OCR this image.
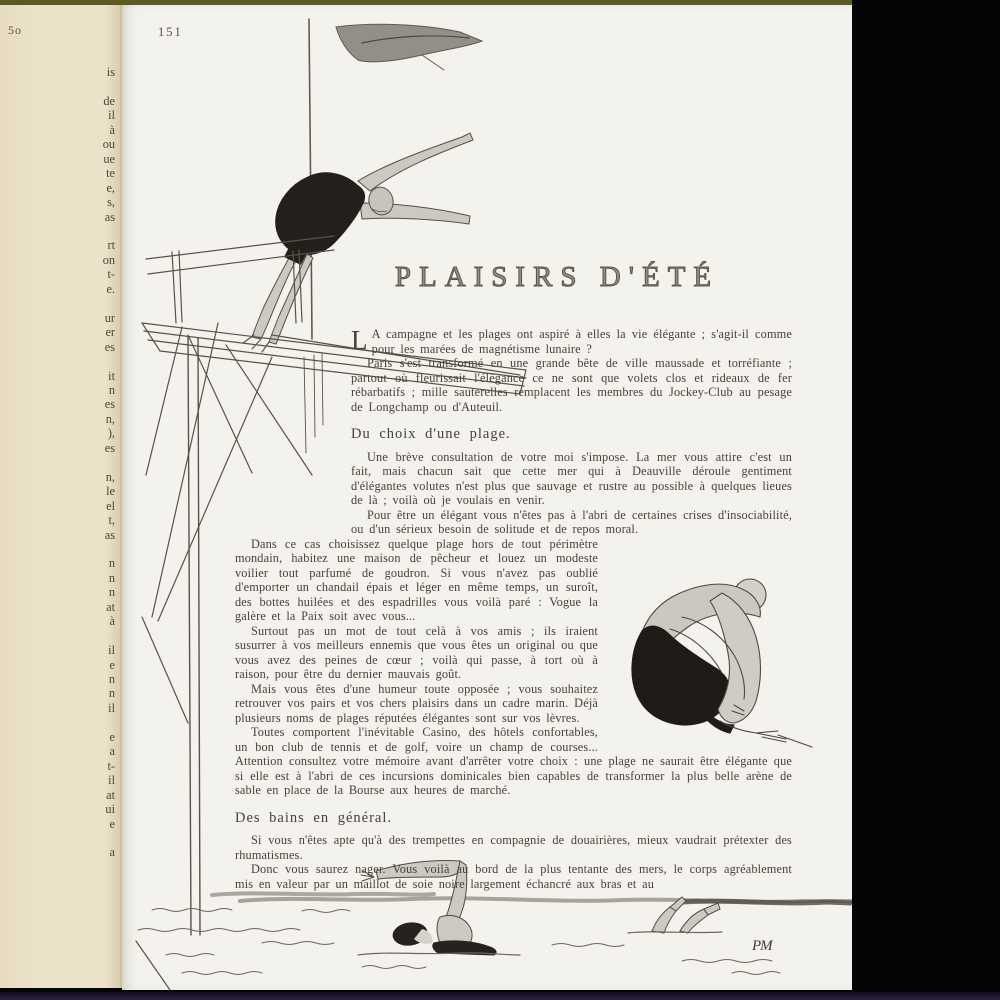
5o
is

de
il
à
ou
ue
te
e,
s,
as

rt
on
t-
e.

ur
er
es

it
n
es
n,
),
es

n,
le
el
t,
as

n
n
n
at
à

il
e
n
n
il

e
a
t-
il
at
ui
e

a
151
PLAISIRS D'ÉTÉ

L A campagne et les plages ont aspiré à elles la vie élégante ; s'agit-il comme pour les marées de magnétisme lunaire ?

Paris s'est transformé en une grande bête de ville maussade et torréfiante ; partout où fleurissait l'élégance ce ne sont que volets clos et rideaux de fer rébarbatifs ; mille sauterelles remplacent les membres du Jockey-Club au pesage de Longchamp ou d'Auteuil.

Du choix d'une plage.

Une brève consultation de votre moi s'impose. La mer vous attire c'est un fait, mais chacun sait que cette mer qui à Deauville déroule gentiment d'élégantes volutes n'est plus que sauvage et rustre au possible à quelques lieues de là ; voilà où je voulais en venir.

Pour être un élégant vous n'êtes pas à l'abri de certaines crises d'insociabilité, ou d'un sérieux besoin de solitude et de repos moral.

Dans ce cas choisissez quelque plage hors de tout périmètre mondain, habitez une maison de pêcheur et louez un modeste voilier tout parfumé de goudron. Si vous n'avez pas oublié d'emporter un chandail épais et léger en même temps, un suroît, des bottes huilées et des espadrilles vous voilà paré : Vogue la galère et la Paix soit avec vous...

Surtout pas un mot de tout celà à vos amis ; ils iraient susurrer à vos meilleurs ennemis que vous êtes un original ou que vous avez des peines de cœur ; voilà qui passe, à tort où à raison, pour être du dernier mauvais goût.

Mais vous êtes d'une humeur toute opposée ; vous souhaitez retrouver vos pairs et vos chers plaisirs dans un cadre marin. Déjà plusieurs noms de plages réputées élégantes sont sur vos lèvres.

Toutes comportent l'inévitable Casino, des hôtels confortables, un bon club de tennis et de golf, voire un champ de courses... Attention consultez votre mémoire avant d'arrêter votre choix : une plage ne saurait être élégante que si elle est à l'abri de ces incursions dominicales bien capables de transformer la plus belle arène de sable en place de la Bourse aux heures de marché.

Des bains en général.

Si vous n'êtes apte qu'à des trempettes en compagnie de douairières, mieux vaudrait prétexter des rhumatismes.

Donc vous saurez nager. Vous voilà au bord de la plus tentante des mers, le corps agréablement mis en valeur par un maillot de soie noire largement échancré aux bras et au

PM
